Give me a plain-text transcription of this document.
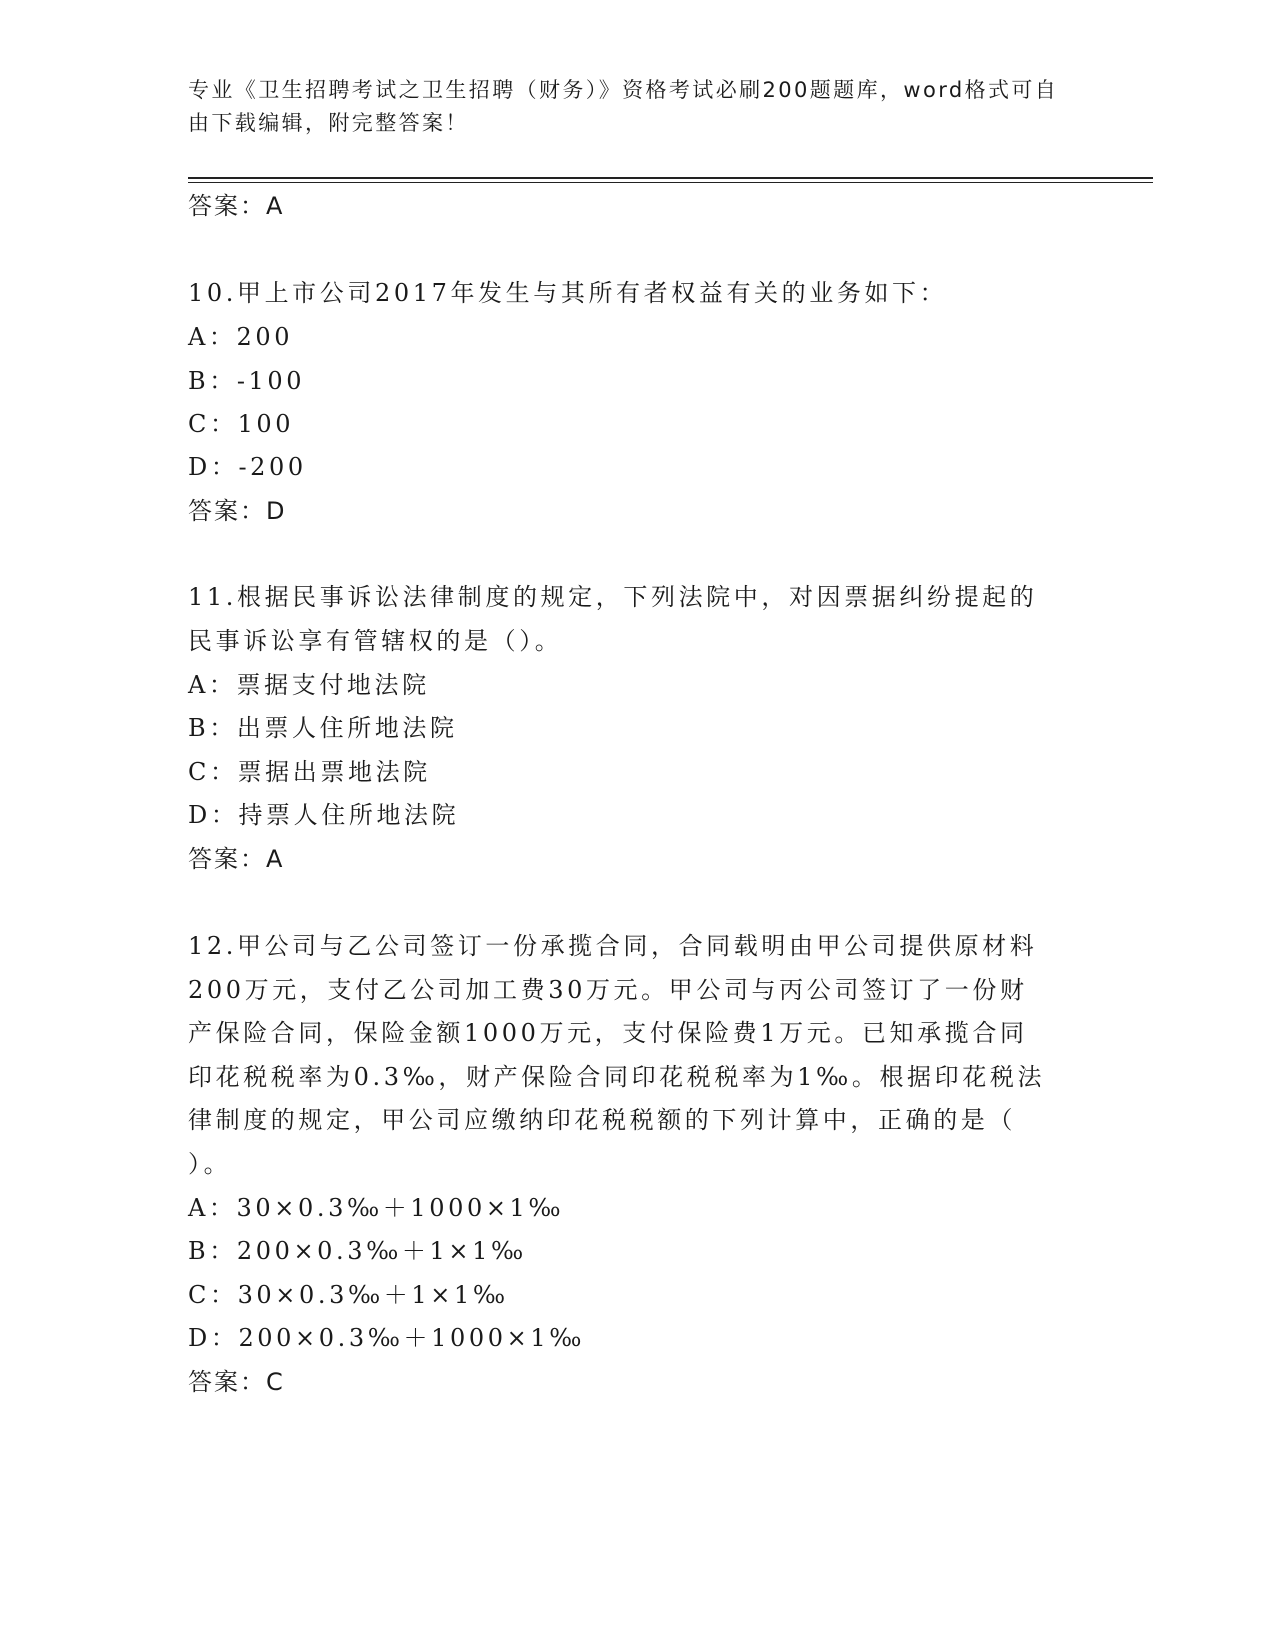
专业《卫生招聘考试之卫生招聘（财务）》资格考试必刷200题题库，word格式可自由下载编辑，附完整答案！
答案：A
10.甲上市公司2017年发生与其所有者权益有关的业务如下：
A：200
B：-100
C：100
D：-200
答案：D
11.根据民事诉讼法律制度的规定，下列法院中，对因票据纠纷提起的
民事诉讼享有管辖权的是（）。
A：票据支付地法院
B：出票人住所地法院
C：票据出票地法院
D：持票人住所地法院
答案：A
12.甲公司与乙公司签订一份承揽合同，合同载明由甲公司提供原材料
200万元，支付乙公司加工费30万元。甲公司与丙公司签订了一份财
产保险合同，保险金额1000万元，支付保险费1万元。已知承揽合同
印花税税率为0.3‰，财产保险合同印花税税率为1‰。根据印花税法
律制度的规定，甲公司应缴纳印花税税额的下列计算中，正确的是（
）。
A：30×0.3‰＋1000×1‰
B：200×0.3‰＋1×1‰
C：30×0.3‰＋1×1‰
D：200×0.3‰＋1000×1‰
答案：C
